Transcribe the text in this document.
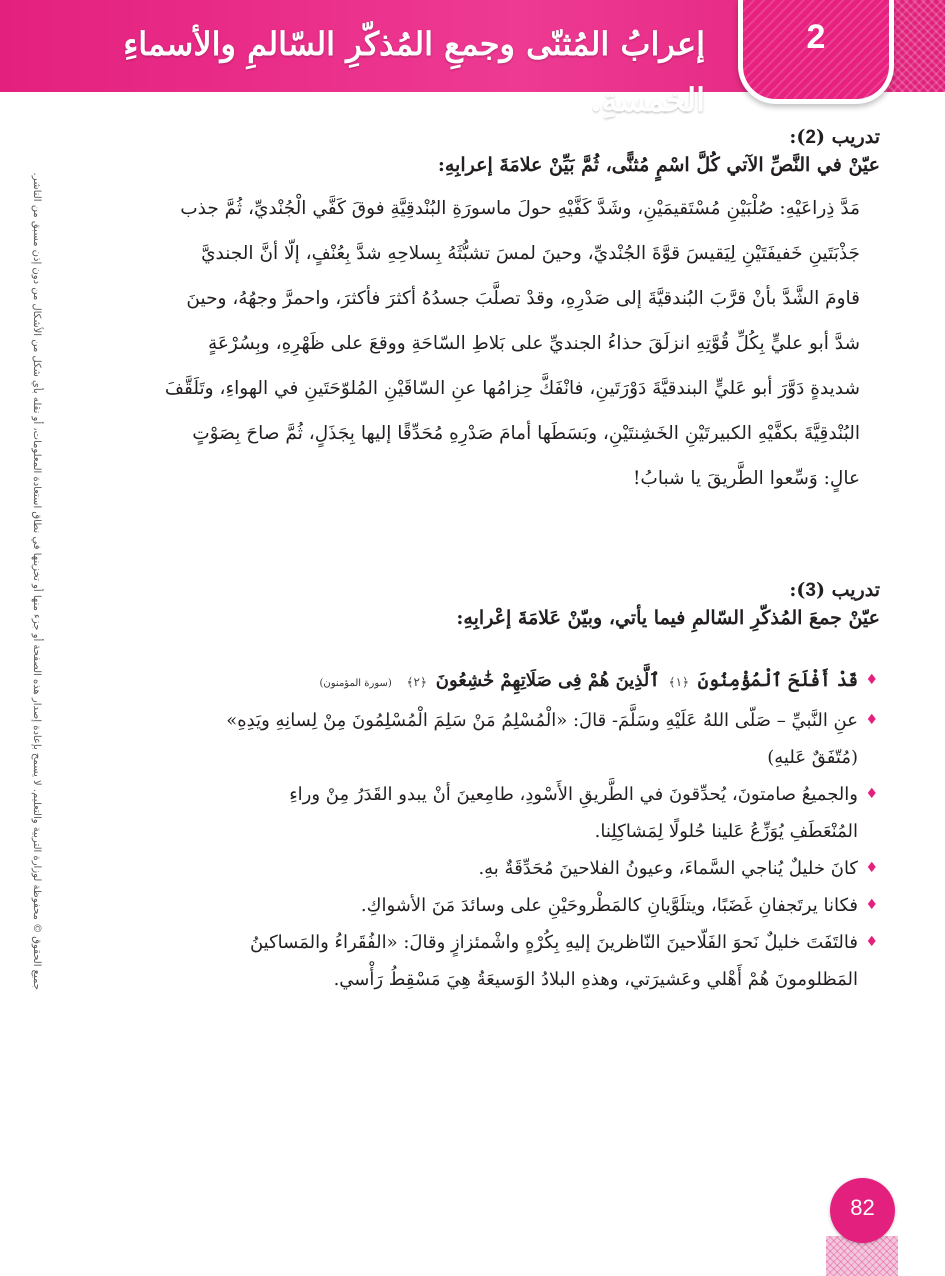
إعرابُ المُثنّى وجمعِ المُذكّرِ السّالمِ والأسماءِ الخمسةِ.
2
جميع الحقوق © محفوظة لوزارة التربية والتعليم. لا يسمح بإعادة إصدار هذه الصفحة أو جزء منها أو تخزينها في نطاق استعادة المعلومات، أو نقله بأي شكل من الأشكال من دون إذن مسبق من الناشر.
تدريب (2):
عيّنْ في النَّصِّ الآتي كُلَّ اسْمٍ مُثنًّى، ثُمَّ بَيِّنْ علامَةَ إعرابِهِ:
مَدَّ ذِراعَيْهِ: صُلْبَيْنِ مُسْتَقيمَيْنِ، وشَدَّ كَفَّيْهِ حولَ ماسورَةِ البُنْدقِيَّةِ فوقَ كَفَّي الْجُنْديِّ، ثُمَّ جذب
جَذْبَتَينِ خَفيفَتَيْنِ لِيَقيسَ قوَّةَ الجُنْديِّ، وحينَ لمسَ تشبُّثَهُ بِسلاحِهِ شدَّ بِعُنْفٍ، إلّا أنَّ الجنديَّ
قاومَ الشَّدَّ بأنْ قرَّبَ البُندقيَّةَ إلى صَدْرِهِ، وقدْ تصلَّبَ جسدُهُ أكثرَ فأكثرَ، واحمرَّ وجهُهُ، وحينَ
شدَّ أبو عليٍّ بِكُلِّ قُوَّتِهِ انزلَقَ حذاءُ الجنديِّ على بَلاطِ السّاحَةِ ووقعَ على ظَهْرِهِ، وبِسُرْعَةٍ
شديدةٍ دَوَّرَ أبو عَليٍّ البندقيَّةَ دَوْرَتَينِ، فانْفَكَّ حِزامُها عنِ السّاقَيْنِ المُلوّحَتَينِ في الهواءِ، وتَلَقَّفَ
البُنْدقِيَّةَ بكفَّيْهِ الكبيرتَيْنِ الخَشِنتَيْنِ، وبَسَطَها أمامَ صَدْرِهِ مُحَدِّقًا إليها بِجَذَلٍ، ثُمَّ صاحَ بِصَوْتٍ
عالٍ: وَسِّعوا الطَّريقَ يا شبابُ!
تدريب (3):
عيّنْ جمعَ المُذكّرِ السّالمِ فيما يأتي، وبيّنْ عَلامَةَ إعْرابِهِ:
♦
قَدْ أَفْلَحَ ٱلْمُؤْمِنُونَ ﴿١﴾ ٱلَّذِينَ هُمْ فِى صَلَاتِهِمْ خَٰشِعُونَ ﴿٢﴾ (سورة المؤمنون)
♦
عنِ النَّبيِّ – صَلّى اللهُ عَلَيْهِ وسَلَّمَ- قالَ: «الْمُسْلِمُ مَنْ سَلِمَ الْمُسْلِمُونَ مِنْ لِسانِهِ ويَدِهِ»
(مُتّفَقٌ عَليهِ)
♦
والجميعُ صامتونَ، يُحدِّقونَ في الطَّريقِ الأَسْودِ، طامِعينَ أنْ يبدو القَدَرُ مِنْ وراءِ
المُنْعَطَفِ يُوَزِّعُ عَلينا حُلولًا لِمَشاكِلِنا.
♦
كانَ خليلٌ يُناجي السَّماءَ، وعيونُ الفلاحينَ مُحَدِّقَةٌ بهِ.
♦
فكانا يرتَجفانِ غَضَبًا، ويتلَوَّيانِ كالمَطْروحَيْنِ على وسائدَ مَنَ الأشواكِ.
♦
فالتَفَتَ خليلٌ نَحوَ الفَلّاحينَ النّاظرينَ إليهِ بِكُرْهٍ واشْمئزازٍ وقالَ: «الفُقَراءُ والمَساكينُ
المَظلومونَ هُمْ أَهْلي وعَشيرَتي، وهذهِ البلادُ الوَسيعَةُ هِيَ مَسْقِطُ رَأْسي.
82
